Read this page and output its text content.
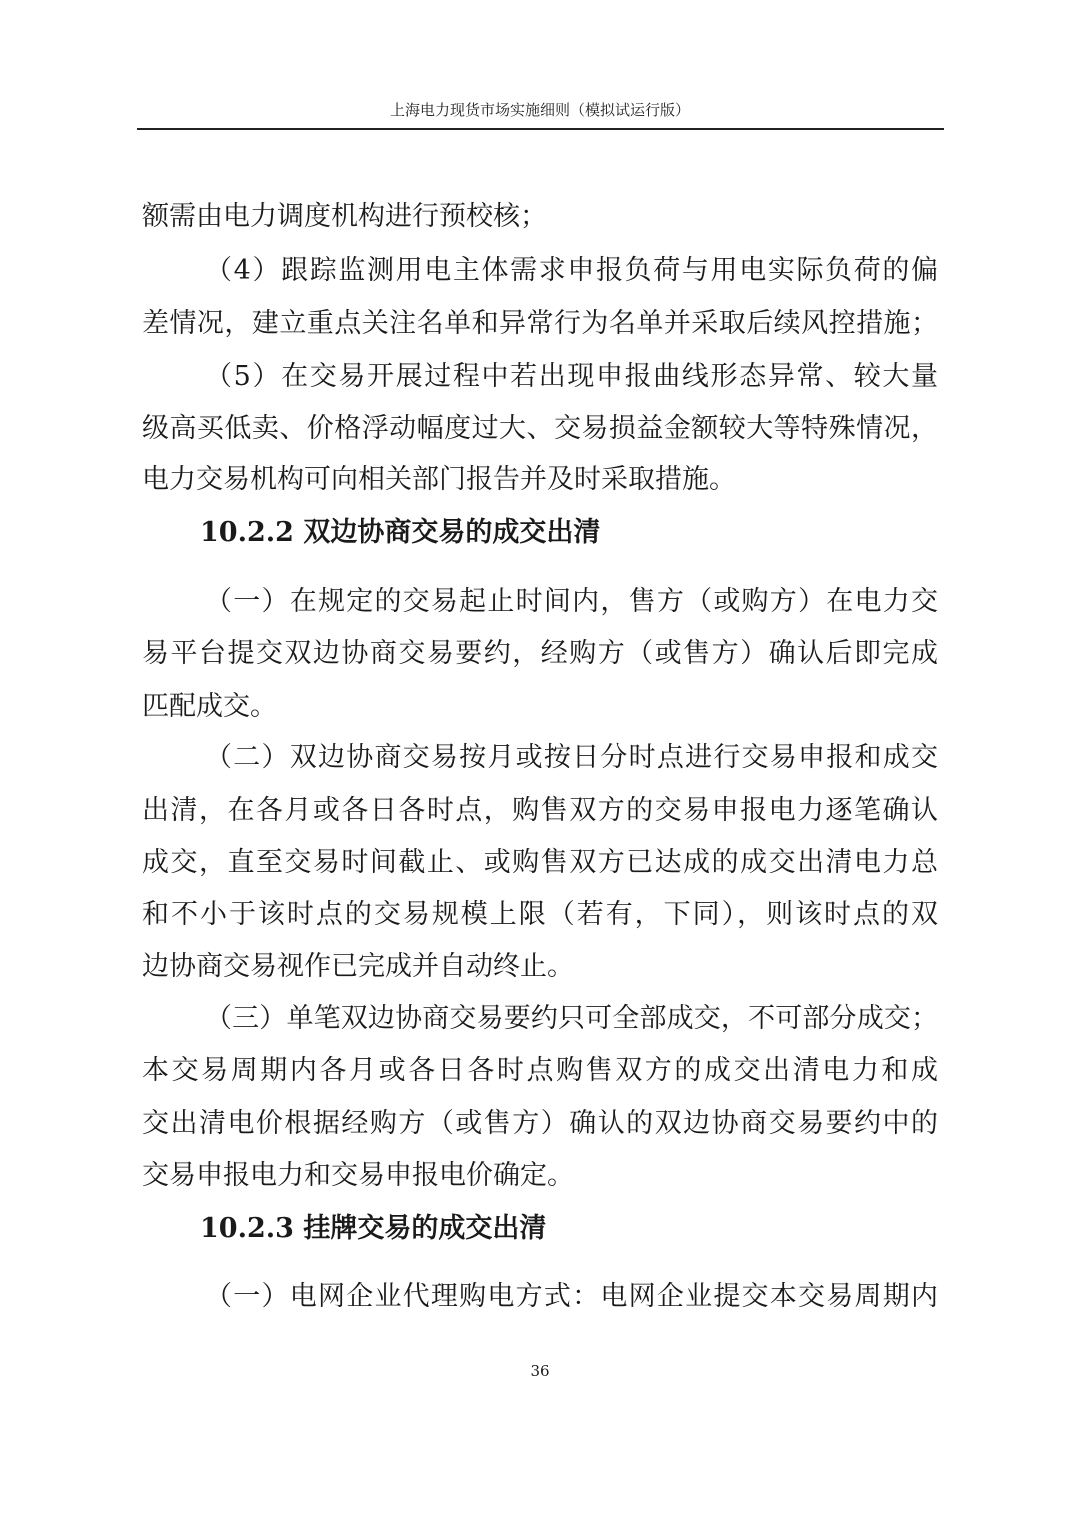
上海电力现货市场实施细则（模拟试运行版）
额需由电力调度机构进行预校核；
（4）跟踪监测用电主体需求申报负荷与用电实际负荷的偏
差情况，建立重点关注名单和异常行为名单并采取后续风控措施；
（5）在交易开展过程中若出现申报曲线形态异常、较大量
级高买低卖、价格浮动幅度过大、交易损益金额较大等特殊情况，
电力交易机构可向相关部门报告并及时采取措施。
10.2.2 双边协商交易的成交出清
（一）在规定的交易起止时间内，售方（或购方）在电力交
易平台提交双边协商交易要约，经购方（或售方）确认后即完成
匹配成交。
（二）双边协商交易按月或按日分时点进行交易申报和成交
出清，在各月或各日各时点，购售双方的交易申报电力逐笔确认
成交，直至交易时间截止、或购售双方已达成的成交出清电力总
和不小于该时点的交易规模上限（若有，下同），则该时点的双
边协商交易视作已完成并自动终止。
（三）单笔双边协商交易要约只可全部成交，不可部分成交；
本交易周期内各月或各日各时点购售双方的成交出清电力和成
交出清电价根据经购方（或售方）确认的双边协商交易要约中的
交易申报电力和交易申报电价确定。
10.2.3 挂牌交易的成交出清
（一）电网企业代理购电方式：电网企业提交本交易周期内
36
